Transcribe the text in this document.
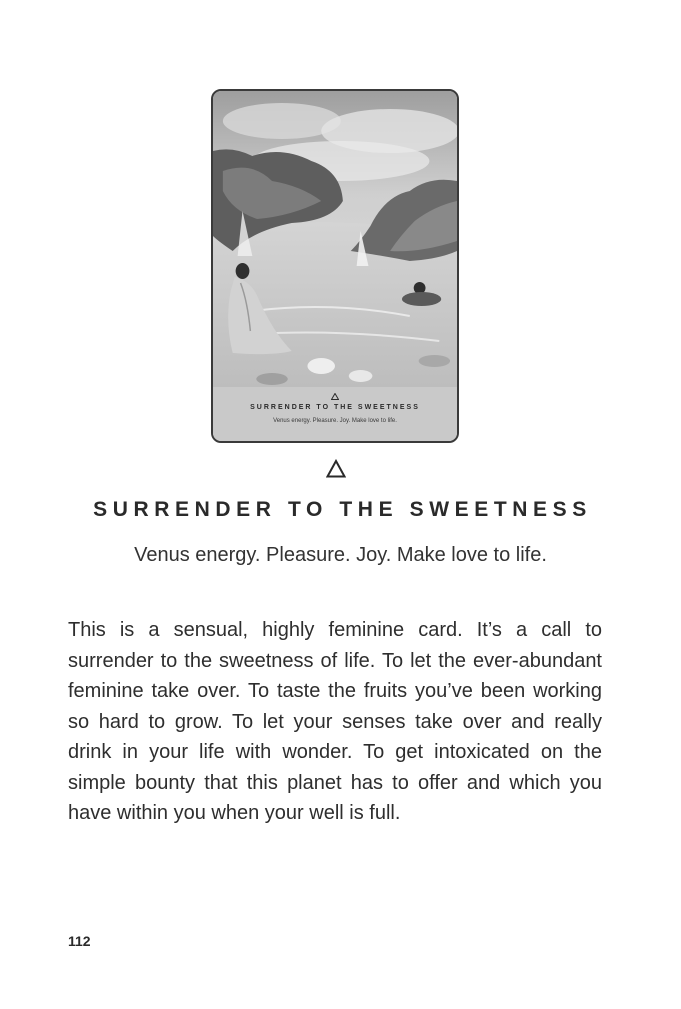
SURRENDER TO THE SWEETNESS
Venus energy. Pleasure. Joy. Make love to life.
SURRENDER TO THE SWEETNESS
Venus energy. Pleasure. Joy. Make love to life.
This is a sensual, highly feminine card. It’s a call to surrender to the sweetness of life. To let the ever-abundant feminine take over. To taste the fruits you’ve been working so hard to grow. To let your senses take over and really drink in your life with wonder. To get intoxicated on the simple bounty that this planet has to offer and which you have within you when your well is full.
112
